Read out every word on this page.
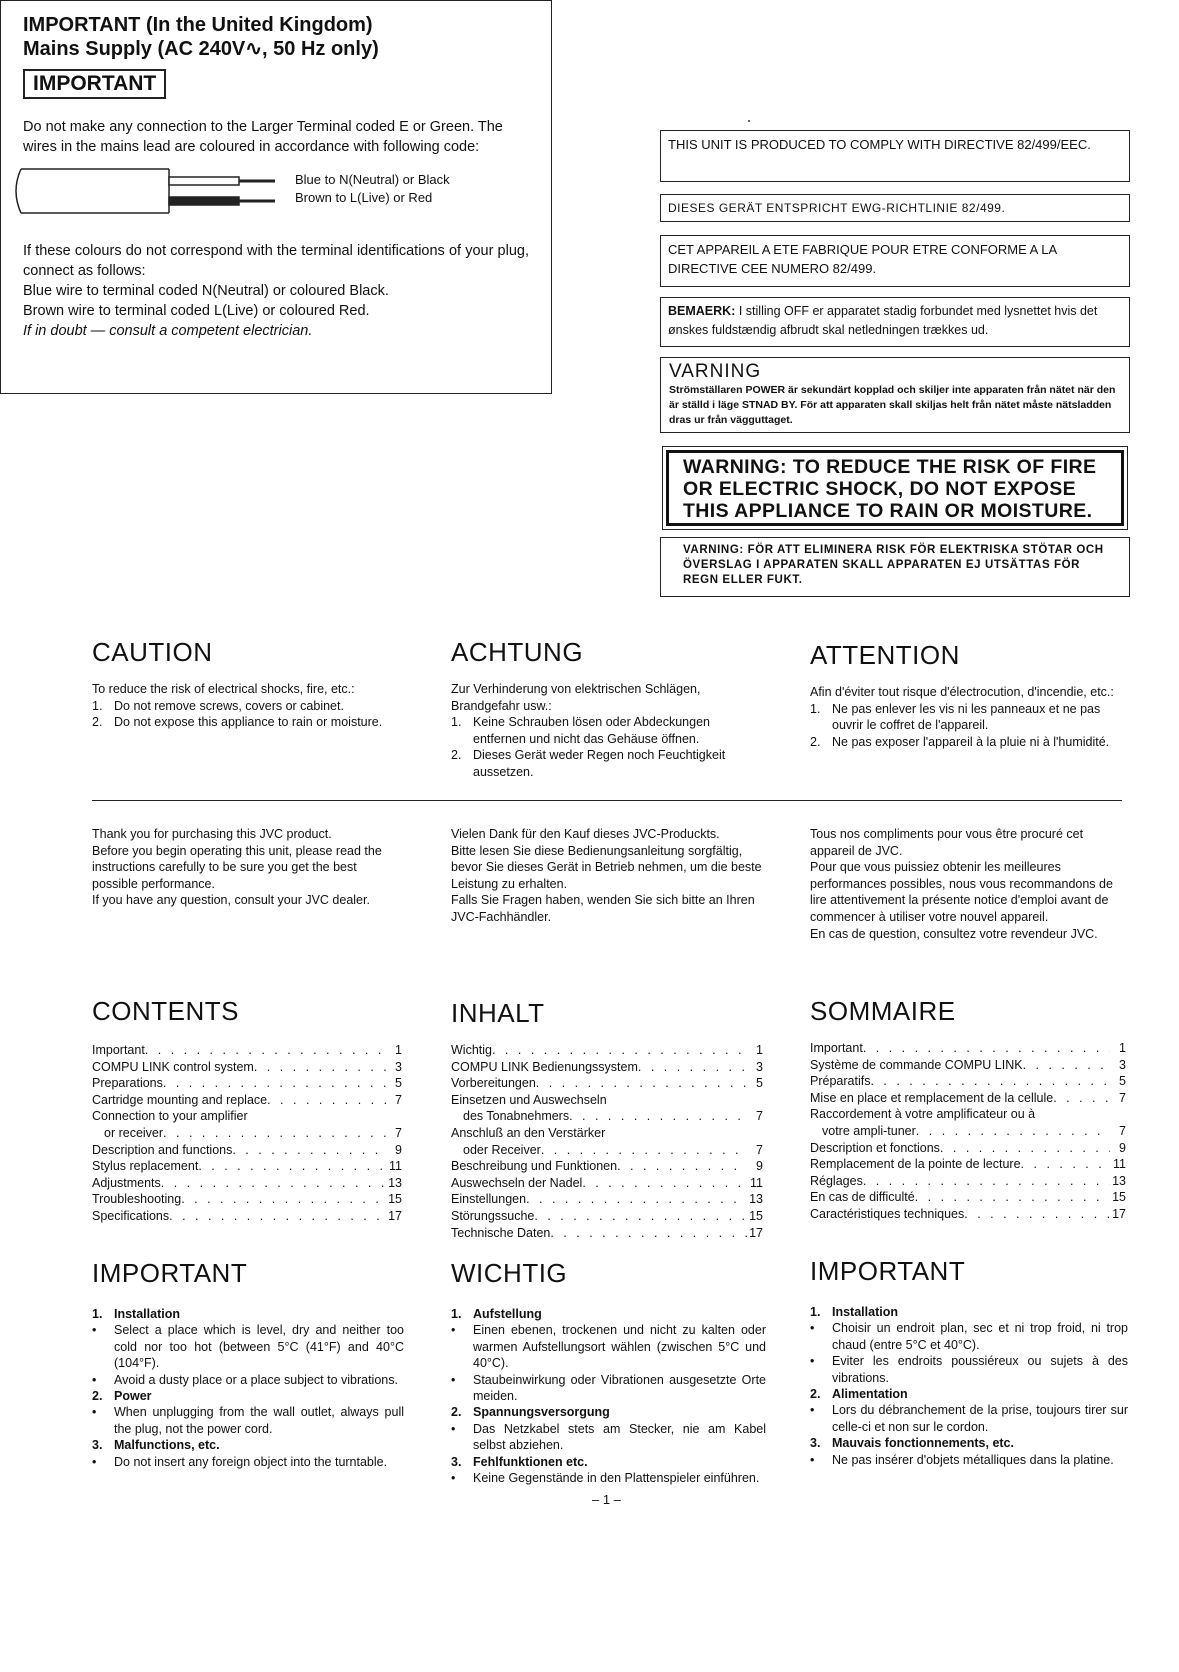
IMPORTANT (In the United Kingdom)

Mains Supply (AC 240V∿, 50 Hz only)

IMPORTANT

Do not make any connection to the Larger Terminal coded E or Green. The wires in the mains lead are coloured in accordance with following code:

Blue to N(Neutral) or Black
Brown to L(Live) or Red

If these colours do not correspond with the terminal identifications of your plug, connect as follows:

Blue wire to terminal coded N(Neutral) or coloured Black.

Brown wire to terminal coded L(Live) or coloured Red.

If in doubt — consult a competent electrician.

THIS UNIT IS PRODUCED TO COMPLY WITH DIRECTIVE 82/499/EEC.
DIESES GERÄT ENTSPRICHT EWG-RICHTLINIE 82/499.
CET APPAREIL A ETE FABRIQUE POUR ETRE CONFORME A LA DIRECTIVE CEE NUMERO 82/499.
BEMAERK: I stilling OFF er apparatet stadig forbundet med lysnettet hvis det ønskes fuldstændig afbrudt skal netledningen trækkes ud.

VARNING

Strömställaren POWER är sekundärt kopplad och skiljer inte apparaten från nätet när den är ställd i läge STNAD BY. För att apparaten skall skiljas helt från nätet måste nätsladden dras ur från vägguttaget.

WARNING: TO REDUCE THE RISK OF FIRE OR ELECTRIC SHOCK, DO NOT EXPOSE THIS APPLIANCE TO RAIN OR MOISTURE.
VARNING: FÖR ATT ELIMINERA RISK FÖR ELEKTRISKA STÖTAR OCH ÖVERSLAG I APPARATEN SKALL APPARATEN EJ UTSÄTTAS FÖR REGN ELLER FUKT.
CAUTION	ACHTUNG	ATTENTION

To reduce the risk of electrical shocks, fire, etc.:

1. Do not remove screws, covers or cabinet.
2. Do not expose this appliance to rain or moisture.

Zur Verhinderung von elektrischen Schlägen, Brandgefahr usw.:

1. Keine Schrauben lösen oder Abdeckungen entfernen und nicht das Gehäuse öffnen.
2. Dieses Gerät weder Regen noch Feuchtigkeit aussetzen.

Afin d'éviter tout risque d'électrocution, d'incendie, etc.:

1. Ne pas enlever les vis ni les panneaux et ne pas ouvrir le coffret de l'appareil.
2. Ne pas exposer l'appareil à la pluie ni à l'humidité.

Thank you for purchasing this JVC product.

Before you begin operating this unit, please read the instructions carefully to be sure you get the best possible performance.

If you have any question, consult your JVC dealer.

Vielen Dank für den Kauf dieses JVC-Produckts.

Bitte lesen Sie diese Bedienungsanleitung sorgfältig, bevor Sie dieses Gerät in Betrieb nehmen, um die beste Leistung zu erhalten.

Falls Sie Fragen haben, wenden Sie sich bitte an Ihren JVC-Fachhändler.

Tous nos compliments pour vous être procuré cet appareil de JVC.

Pour que vous puissiez obtenir les meilleures performances possibles, nous vous recommandons de lire attentivement la présente notice d'emploi avant de commencer à utiliser votre nouvel appareil.

En cas de question, consultez votre revendeur JVC.

CONTENTS	INHALT	SOMMAIRE
Important . . .	1
COMPU LINK control system . . .	3
Preparations . . .	5
Cartridge mounting and replace . . .	7
Connection to your amplifier
or receiver . . .	7
Description and functions . . .	9
Stylus replacement . . .	11
Adjustments . . .	13
Troubleshooting . . .	15
Specifications . . .	17
Wichtig . . .	1
COMPU LINK Bedienungssystem . . .	3
Vorbereitungen . . .	5
Einsetzen und Auswechseln
des Tonabnehmers . . .	7
Anschluß an den Verstärker
oder Receiver . . .	7
Beschreibung und Funktionen . . .	9
Auswechseln der Nadel . . .	11
Einstellungen . . .	13
Störungssuche . . .	15
Technische Daten . . .	17
Important . . .	1
Système de commande COMPU LINK . . .	3
Préparatifs . . .	5
Mise en place et remplacement de la cellule . . .	7
Raccordement à votre amplificateur ou à
votre ampli-tuner . . .	7
Description et fonctions . . .	9
Remplacement de la pointe de lecture . . .	11
Réglages . . .	13
En cas de difficulté . . .	15
Caractéristiques techniques . . .	17
IMPORTANT	WICHTIG	IMPORTANT
1. Installation
•	Select a place which is level, dry and neither too cold nor too hot (between 5°C (41°F) and 40°C (104°F).
•	Avoid a dusty place or a place subject to vibrations.
2. Power
•	When unplugging from the wall outlet, always pull the plug, not the power cord.
3. Malfunctions, etc.
•	Do not insert any foreign object into the turntable.
1. Aufstellung
•	Einen ebenen, trockenen und nicht zu kalten oder warmen Aufstellungsort wählen (zwischen 5°C und 40°C).
•	Staubeinwirkung oder Vibrationen ausgesetzte Orte meiden.
2. Spannungsversorgung
•	Das Netzkabel stets am Stecker, nie am Kabel selbst abziehen.
3. Fehlfunktionen etc.
•	Keine Gegenstände in den Plattenspieler einführen.
1. Installation
•	Choisir un endroit plan, sec et ni trop froid, ni trop chaud (entre 5°C et 40°C).
•	Eviter les endroits poussiéreux ou sujets à des vibrations.
2. Alimentation
•	Lors du débranchement de la prise, toujours tirer sur celle-ci et non sur le cordon.
3. Mauvais fonctionnements, etc.
•	Ne pas insérer d'objets métalliques dans la platine.
– 1 –
